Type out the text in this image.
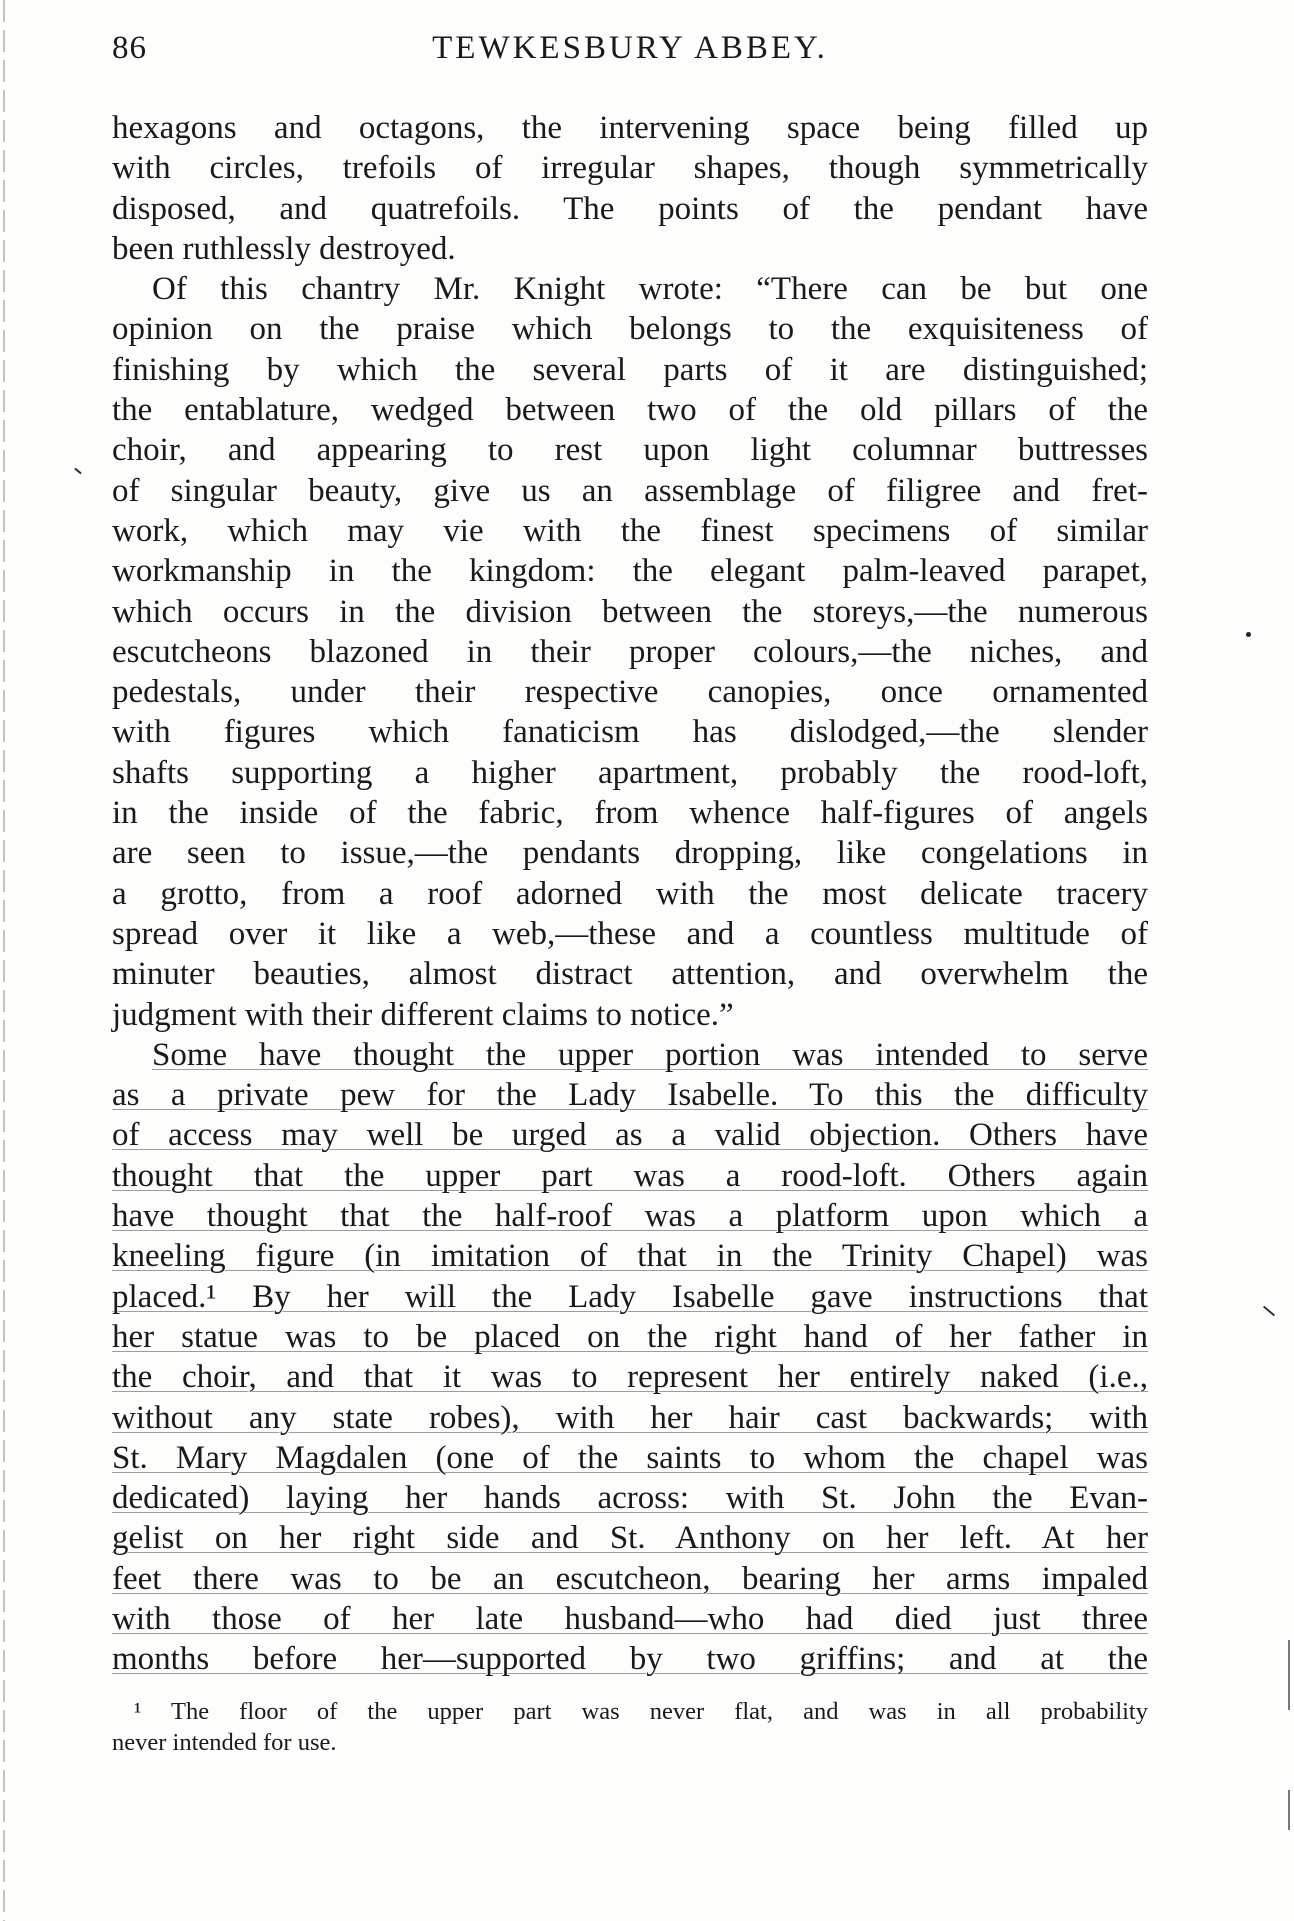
86	TEWKESBURY ABBEY.
hexagons and octagons, the intervening space being filled up
with circles, trefoils of irregular shapes, though symmetrically
disposed, and quatrefoils. The points of the pendant have
been ruthlessly destroyed.
Of this chantry Mr. Knight wrote: “There can be but one
opinion on the praise which belongs to the exquisiteness of
finishing by which the several parts of it are distinguished;
the entablature, wedged between two of the old pillars of the
choir, and appearing to rest upon light columnar buttresses
of singular beauty, give us an assemblage of filigree and fret-
work, which may vie with the finest specimens of similar
workmanship in the kingdom: the elegant palm-leaved parapet,
which occurs in the division between the storeys,—the numerous
escutcheons blazoned in their proper colours,—the niches, and
pedestals, under their respective canopies, once ornamented
with figures which fanaticism has dislodged,—the slender
shafts supporting a higher apartment, probably the rood-loft,
in the inside of the fabric, from whence half-figures of angels
are seen to issue,—the pendants dropping, like congelations in
a grotto, from a roof adorned with the most delicate tracery
spread over it like a web,—these and a countless multitude of
minuter beauties, almost distract attention, and overwhelm the
judgment with their different claims to notice.”
Some have thought the upper portion was intended to serve
as a private pew for the Lady Isabelle. To this the difficulty
of access may well be urged as a valid objection. Others have
thought that the upper part was a rood-loft. Others again
have thought that the half-roof was a platform upon which a
kneeling figure (in imitation of that in the Trinity Chapel) was
placed.¹ By her will the Lady Isabelle gave instructions that
her statue was to be placed on the right hand of her father in
the choir, and that it was to represent her entirely naked (i.e.,
without any state robes), with her hair cast backwards; with
St. Mary Magdalen (one of the saints to whom the chapel was
dedicated) laying her hands across: with St. John the Evan-
gelist on her right side and St. Anthony on her left. At her
feet there was to be an escutcheon, bearing her arms impaled
with those of her late husband—who had died just three
months before her—supported by two griffins; and at the
¹ The floor of the upper part was never flat, and was in all probability
never intended for use.
